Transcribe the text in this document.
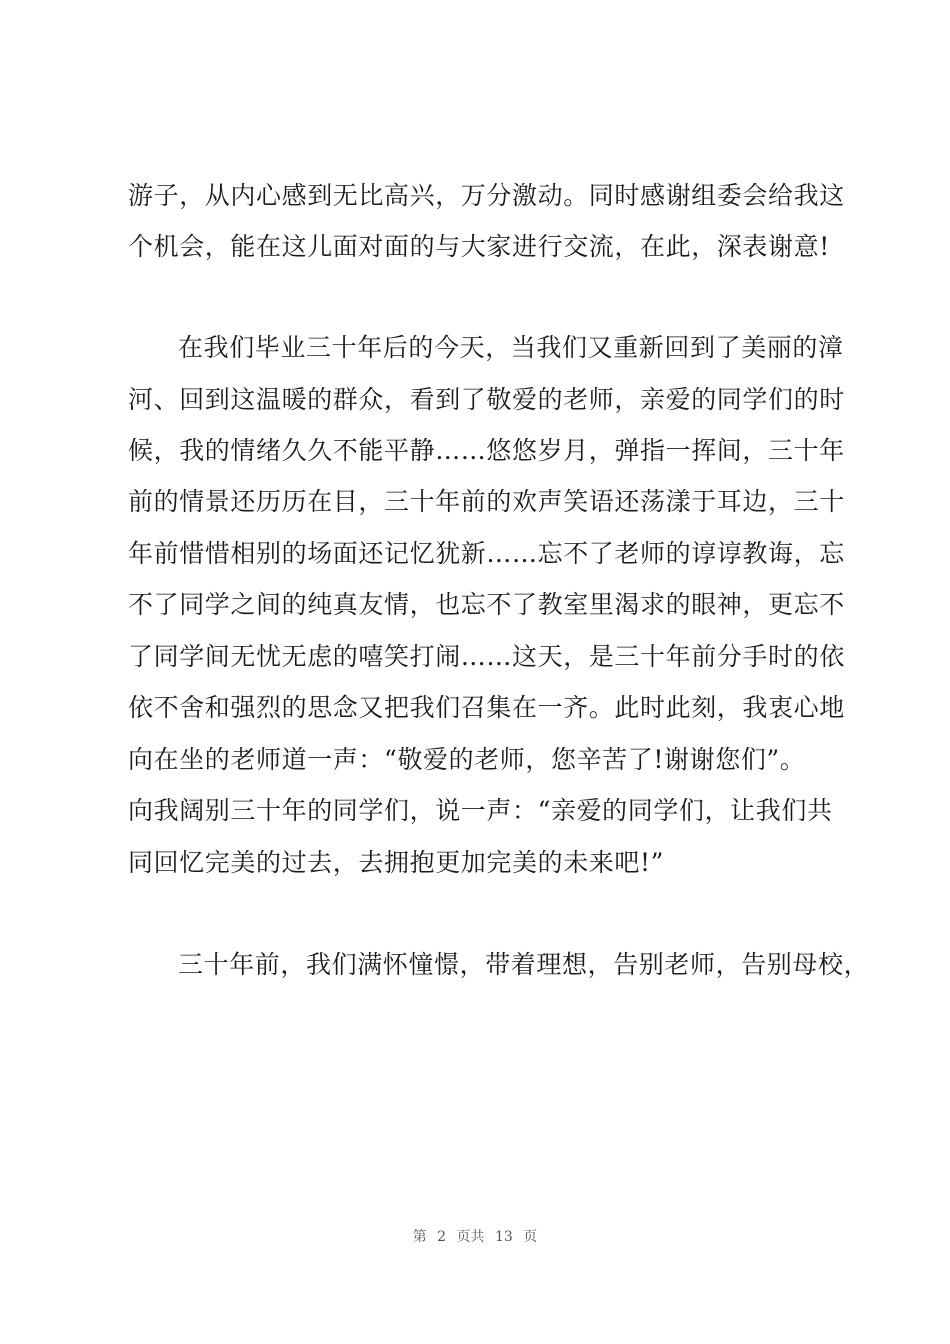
游子，从内心感到无比高兴，万分激动。同时感谢组委会给我这
个机会，能在这儿面对面的与大家进行交流，在此，深表谢意!
在我们毕业三十年后的今天，当我们又重新回到了美丽的漳
河、回到这温暖的群众，看到了敬爱的老师，亲爱的同学们的时
候，我的情绪久久不能平静……悠悠岁月，弹指一挥间，三十年
前的情景还历历在目，三十年前的欢声笑语还荡漾于耳边，三十
年前惜惜相别的场面还记忆犹新……忘不了老师的谆谆教诲，忘
不了同学之间的纯真友情，也忘不了教室里渴求的眼神，更忘不
了同学间无忧无虑的嘻笑打闹……这天，是三十年前分手时的依
依不舍和强烈的思念又把我们召集在一齐。此时此刻，我衷心地
向在坐的老师道一声：“敬爱的老师，您辛苦了!谢谢您们”。
向我阔别三十年的同学们，说一声：“亲爱的同学们，让我们共
同回忆完美的过去，去拥抱更加完美的未来吧!”
三十年前，我们满怀憧憬，带着理想，告别老师，告别母校，
第 2 页共 13 页
